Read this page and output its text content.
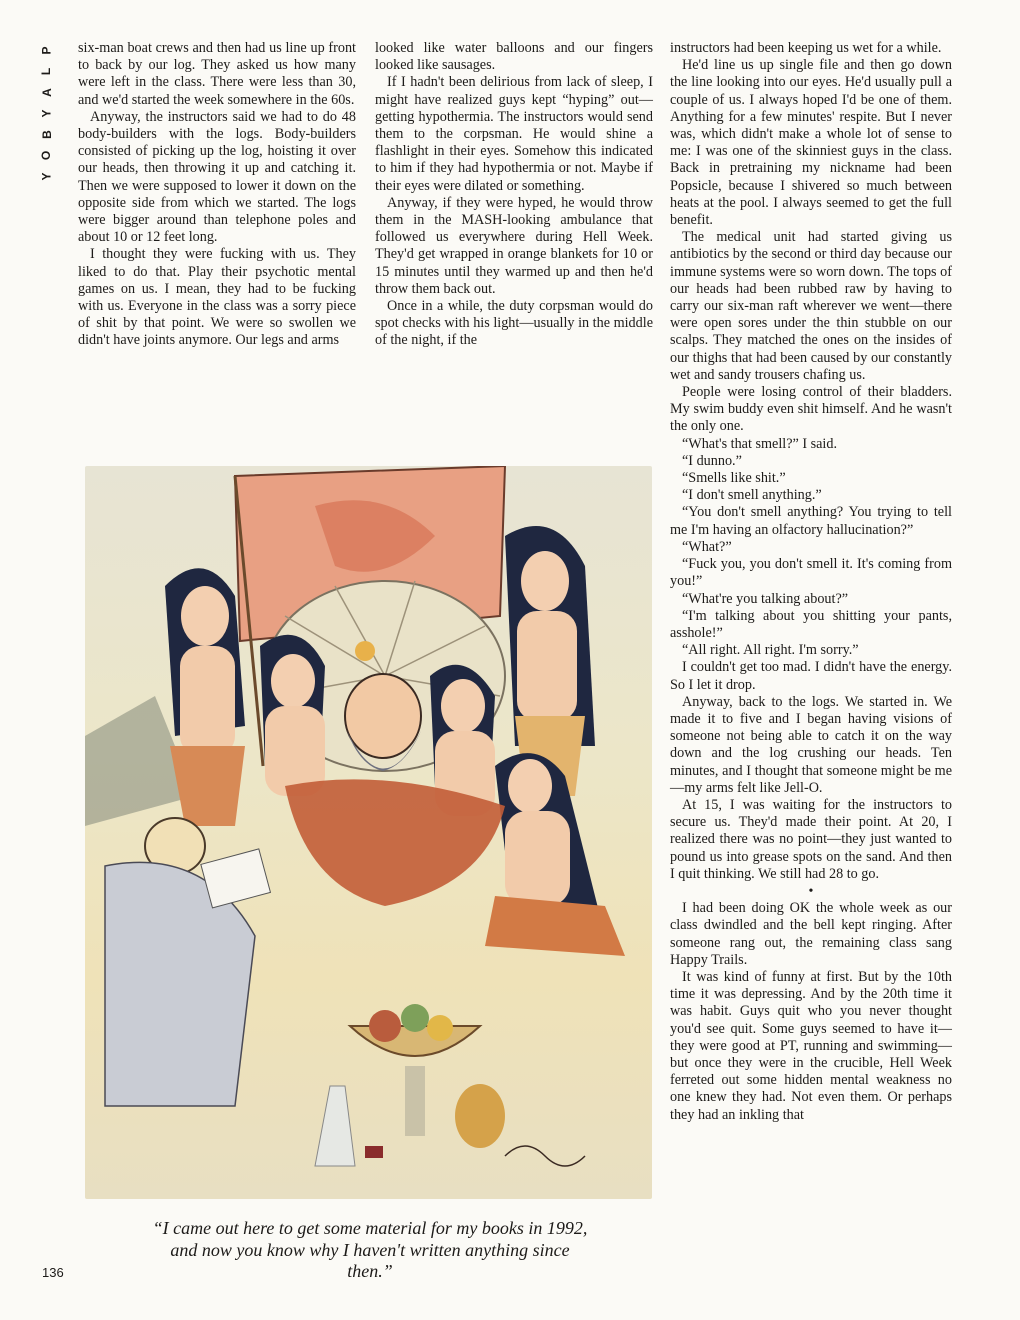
P
L
A
Y
B
O
Y

six-man boat crews and then had us line up front to back by our log. They asked us how many were left in the class. There were less than 30, and we'd started the week somewhere in the 60s.

Anyway, the instructors said we had to do 48 body-builders with the logs. Body-builders consisted of picking up the log, hoisting it over our heads, then throwing it up and catching it. Then we were supposed to lower it down on the opposite side from which we started. The logs were bigger around than telephone poles and about 10 or 12 feet long.

I thought they were fucking with us. They liked to do that. Play their psychotic mental games on us. I mean, they had to be fucking with us. Everyone in the class was a sorry piece of shit by that point. We were so swollen we didn't have joints anymore. Our legs and arms

looked like water balloons and our fingers looked like sausages.

If I hadn't been delirious from lack of sleep, I might have realized guys kept “hyping” out—getting hypothermia. The instructors would send them to the corpsman. He would shine a flashlight in their eyes. Somehow this indicated to him if they had hypothermia or not. Maybe if their eyes were dilated or something.

Anyway, if they were hyped, he would throw them in the MASH-looking ambulance that followed us everywhere during Hell Week. They'd get wrapped in orange blankets for 10 or 15 minutes until they warmed up and then he'd throw them back out.

Once in a while, the duty corpsman would do spot checks with his light—usually in the middle of the night, if the

instructors had been keeping us wet for a while.

He'd line us up single file and then go down the line looking into our eyes. He'd usually pull a couple of us. I always hoped I'd be one of them. Anything for a few minutes' respite. But I never was, which didn't make a whole lot of sense to me: I was one of the skinniest guys in the class. Back in pretraining my nickname had been Popsicle, because I shivered so much between heats at the pool. I always seemed to get the full benefit.

The medical unit had started giving us antibiotics by the second or third day because our immune systems were so worn down. The tops of our heads had been rubbed raw by having to carry our six-man raft wherever we went—there were open sores under the thin stubble on our scalps. They matched the ones on the insides of our thighs that had been caused by our constantly wet and sandy trousers chafing us.

People were losing control of their bladders. My swim buddy even shit himself. And he wasn't the only one.

“What's that smell?” I said.

“I dunno.”

“Smells like shit.”

“I don't smell anything.”

“You don't smell anything? You trying to tell me I'm having an olfactory hallucination?”

“What?”

“Fuck you, you don't smell it. It's coming from you!”

“What're you talking about?”

“I'm talking about you shitting your pants, asshole!”

“All right. All right. I'm sorry.”

I couldn't get too mad. I didn't have the energy. So I let it drop.

Anyway, back to the logs. We started in. We made it to five and I began having visions of someone not being able to catch it on the way down and the log crushing our heads. Ten minutes, and I thought that someone might be me—my arms felt like Jell-O.

At 15, I was waiting for the instructors to secure us. They'd made their point. At 20, I realized there was no point—they just wanted to pound us into grease spots on the sand. And then I quit thinking. We still had 28 to go.

•

I had been doing OK the whole week as our class dwindled and the bell kept ringing. After someone rang out, the remaining class sang Happy Trails.

It was kind of funny at first. But by the 10th time it was depressing. And by the 20th time it was habit. Guys quit who you never thought you'd see quit. Some guys seemed to have it—they were good at PT, running and swimming—but once they were in the crucible, Hell Week ferreted out some hidden mental weakness no one knew they had. Not even them. Or perhaps they had an inkling that

“I came out here to get some material for my books in 1992, and now you know why I haven't written anything since then.”
136
